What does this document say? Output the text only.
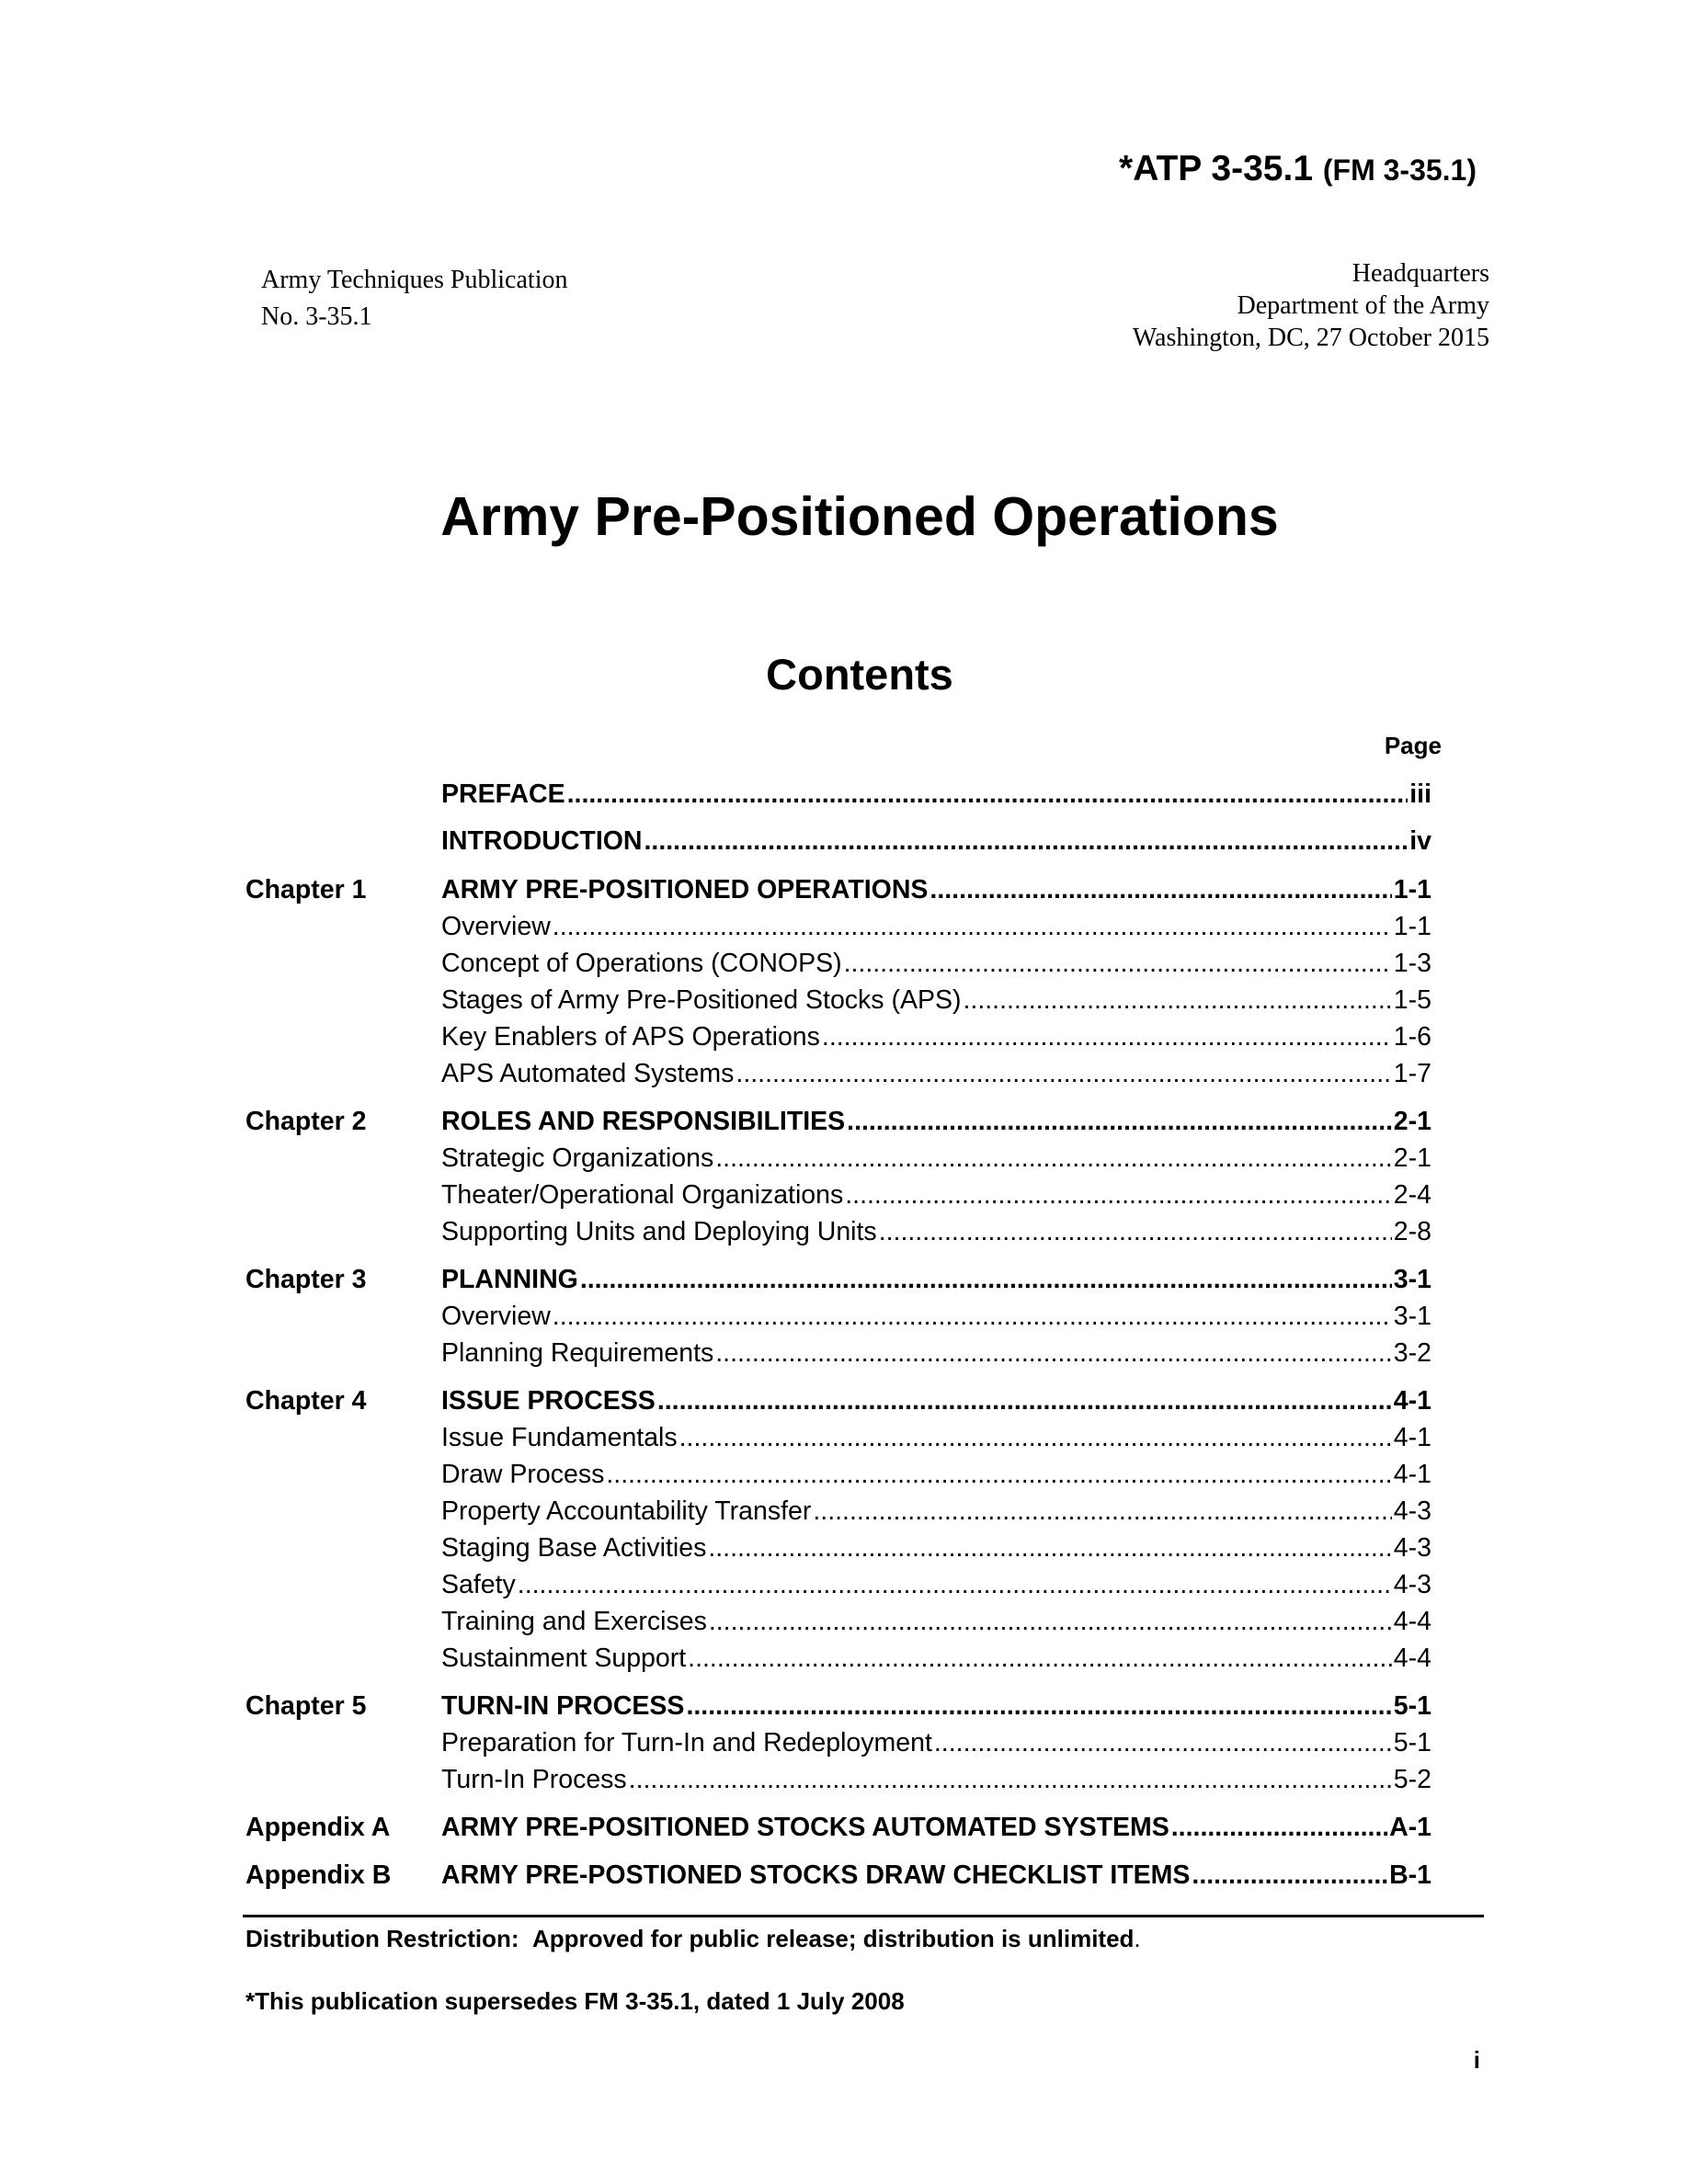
*ATP 3-35.1 (FM 3-35.1)
Army Techniques Publication
No. 3-35.1
Headquarters
Department of the Army
Washington, DC, 27 October 2015
Army Pre-Positioned Operations
Contents
Page
PREFACE .....	iii
INTRODUCTION .....	iv
Chapter 1	ARMY PRE-POSITIONED OPERATIONS .....	1-1
Overview .....	1-1
Concept of Operations (CONOPS) .....	1-3
Stages of Army Pre-Positioned Stocks (APS) .....	1-5
Key Enablers of APS Operations .....	1-6
APS Automated Systems .....	1-7
Chapter 2	ROLES AND RESPONSIBILITIES .....	2-1
Strategic Organizations .....	2-1
Theater/Operational Organizations .....	2-4
Supporting Units and Deploying Units .....	2-8
Chapter 3	PLANNING .....	3-1
Overview .....	3-1
Planning Requirements .....	3-2
Chapter 4	ISSUE PROCESS .....	4-1
Issue Fundamentals .....	4-1
Draw Process .....	4-1
Property Accountability Transfer .....	4-3
Staging Base Activities .....	4-3
Safety .....	4-3
Training and Exercises .....	4-4
Sustainment Support .....	4-4
Chapter 5	TURN-IN PROCESS .....	5-1
Preparation for Turn-In and Redeployment .....	5-1
Turn-In Process .....	5-2
Appendix A	ARMY PRE-POSITIONED STOCKS AUTOMATED SYSTEMS .....	A-1
Appendix B	ARMY PRE-POSTIONED STOCKS DRAW CHECKLIST ITEMS .....	B-1
Distribution Restriction: Approved for public release; distribution is unlimited.
*This publication supersedes FM 3-35.1, dated 1 July 2008
i
